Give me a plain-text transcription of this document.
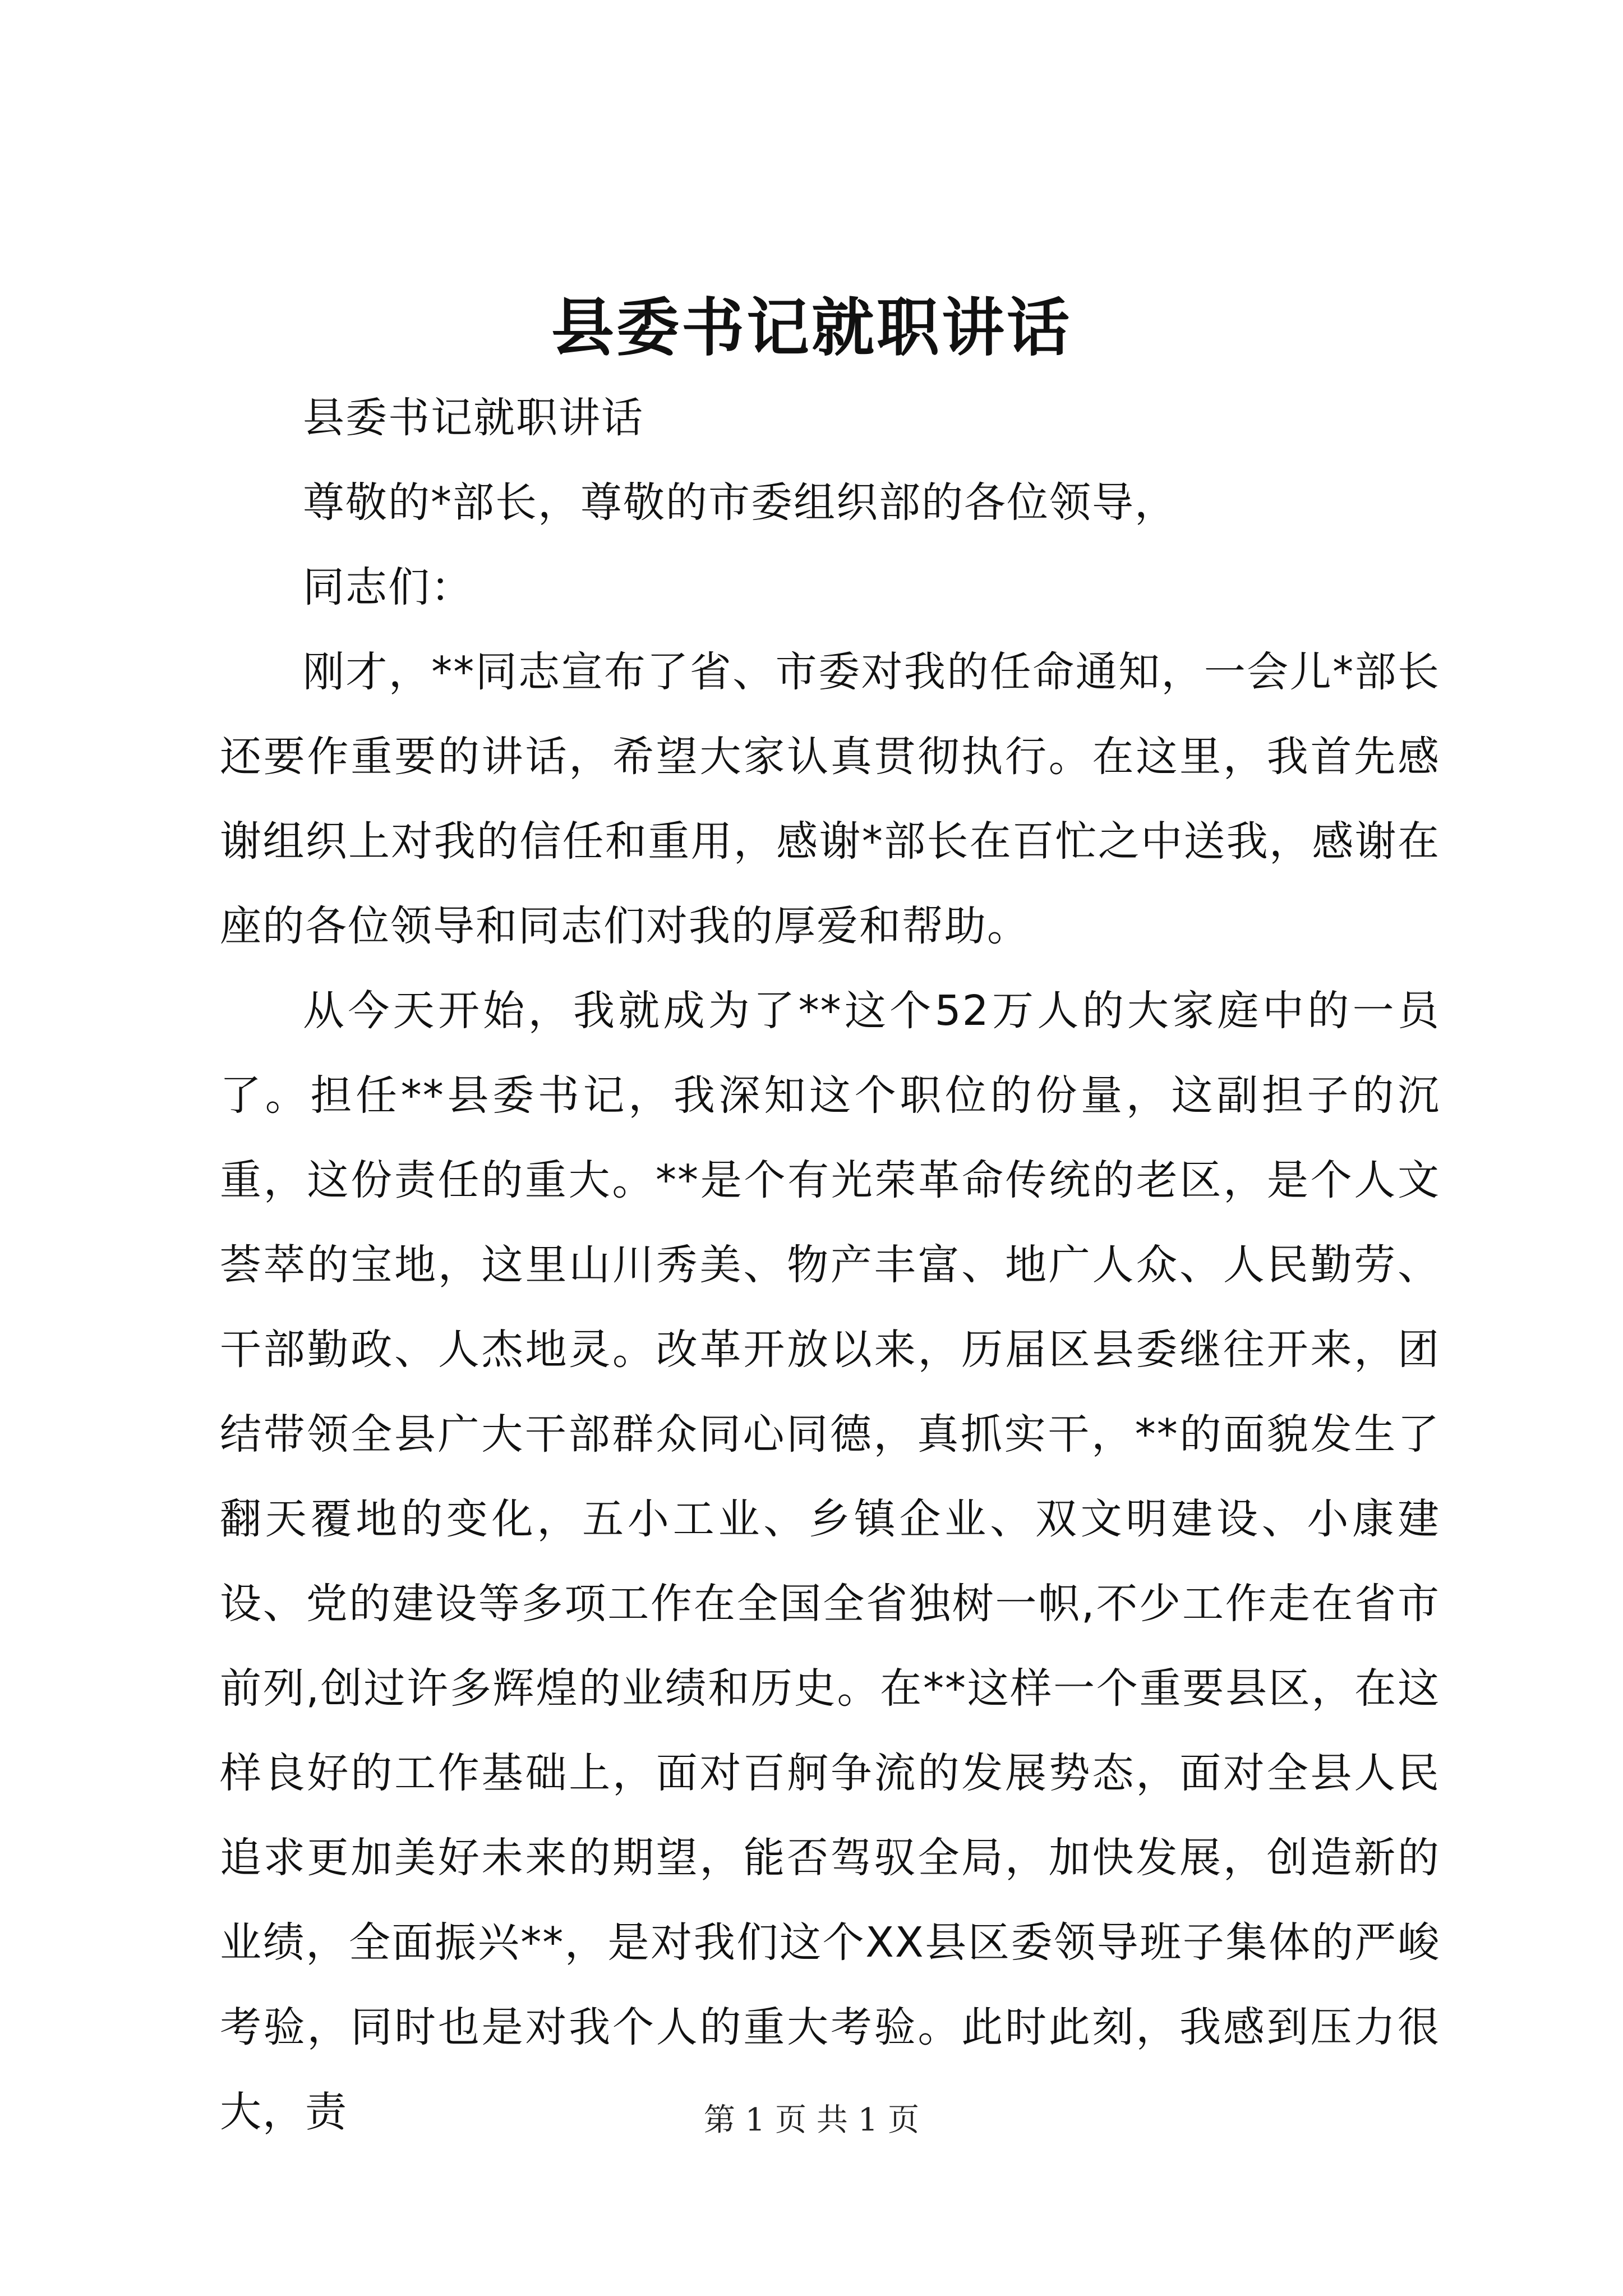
县委书记就职讲话

县委书记就职讲话

尊敬的*部长，尊敬的市委组织部的各位领导，

同志们：

刚才，**同志宣布了省、市委对我的任命通知，一会儿*部长还要作重要的讲话，希望大家认真贯彻执行。在这里，我首先感谢组织上对我的信任和重用，感谢*部长在百忙之中送我，感谢在座的各位领导和同志们对我的厚爱和帮助。

从今天开始，我就成为了**这个52万人的大家庭中的一员了。担任**县委书记，我深知这个职位的份量，这副担子的沉重，这份责任的重大。**是个有光荣革命传统的老区，是个人文荟萃的宝地，这里山川秀美、物产丰富、地广人众、人民勤劳、干部勤政、人杰地灵。改革开放以来，历届区县委继往开来，团结带领全县广大干部群众同心同德，真抓实干，**的面貌发生了翻天覆地的变化，五小工业、乡镇企业、双文明建设、小康建设、党的建设等多项工作在全国全省独树一帜,不少工作走在省市前列,创过许多辉煌的业绩和历史。在**这样一个重要县区，在这样良好的工作基础上，面对百舸争流的发展势态，面对全县人民追求更加美好未来的期望，能否驾驭全局，加快发展，创造新的业绩，全面振兴**，是对我们这个XX县区委领导班子集体的严峻考验，同时也是对我个人的重大考验。此时此刻，我感到压力很大，责	第 1 页 共 1 页
